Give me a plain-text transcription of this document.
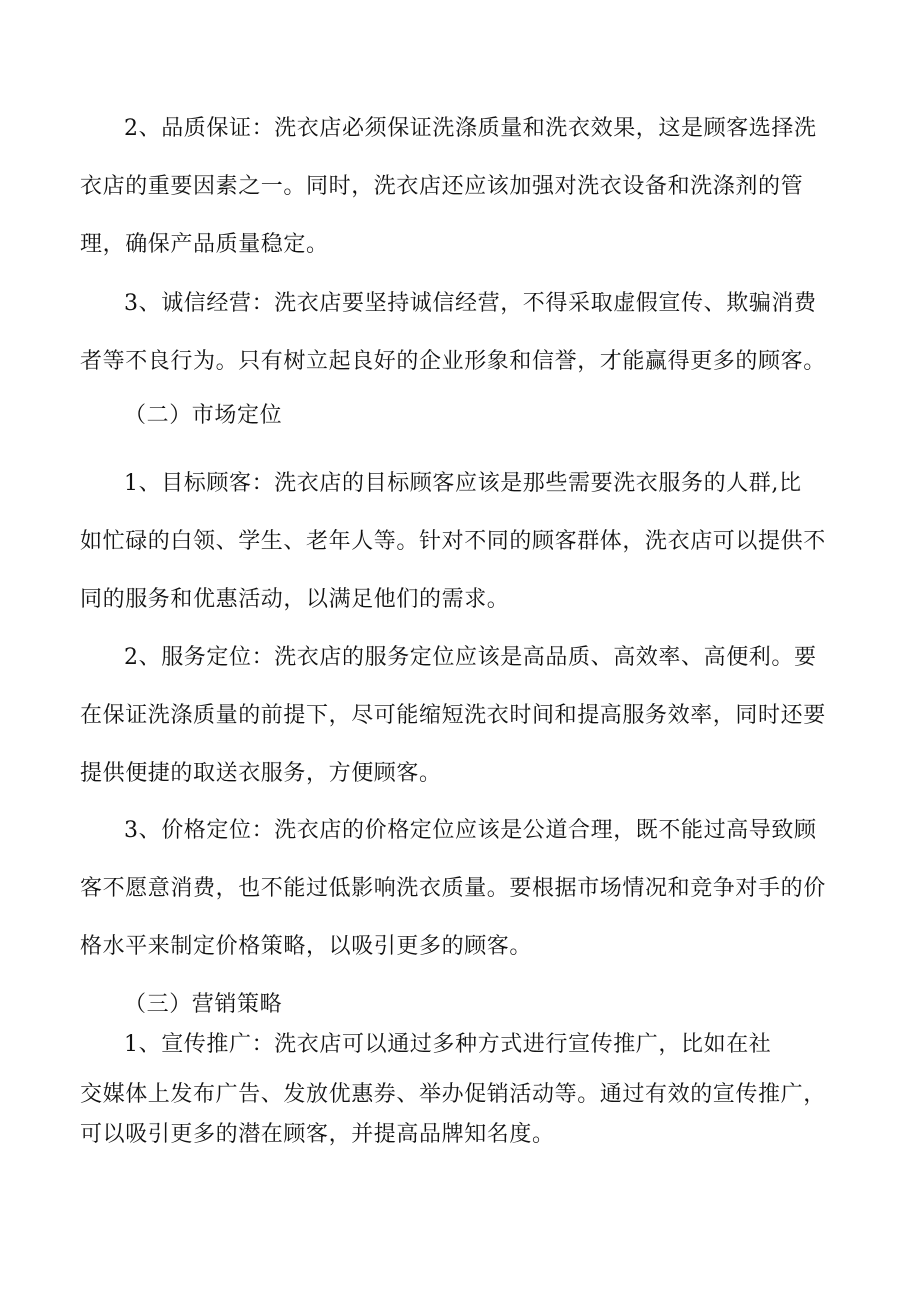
2、品质保证：洗衣店必须保证洗涤质量和洗衣效果，这是顾客选择洗
衣店的重要因素之一。同时，洗衣店还应该加强对洗衣设备和洗涤剂的管
理，确保产品质量稳定。
3、诚信经营：洗衣店要坚持诚信经营，不得采取虚假宣传、欺骗消费
者等不良行为。只有树立起良好的企业形象和信誉，才能赢得更多的顾客。
（二）市场定位
1、目标顾客：洗衣店的目标顾客应该是那些需要洗衣服务的人群,比
如忙碌的白领、学生、老年人等。针对不同的顾客群体，洗衣店可以提供不
同的服务和优惠活动，以满足他们的需求。
2、服务定位：洗衣店的服务定位应该是高品质、高效率、高便利。要
在保证洗涤质量的前提下，尽可能缩短洗衣时间和提高服务效率，同时还要
提供便捷的取送衣服务，方便顾客。
3、价格定位：洗衣店的价格定位应该是公道合理，既不能过高导致顾
客不愿意消费，也不能过低影响洗衣质量。要根据市场情况和竞争对手的价
格水平来制定价格策略，以吸引更多的顾客。
（三）营销策略
1、宣传推广：洗衣店可以通过多种方式进行宣传推广，比如在社
交媒体上发布广告、发放优惠券、举办促销活动等。通过有效的宣传推广，
可以吸引更多的潜在顾客，并提高品牌知名度。
